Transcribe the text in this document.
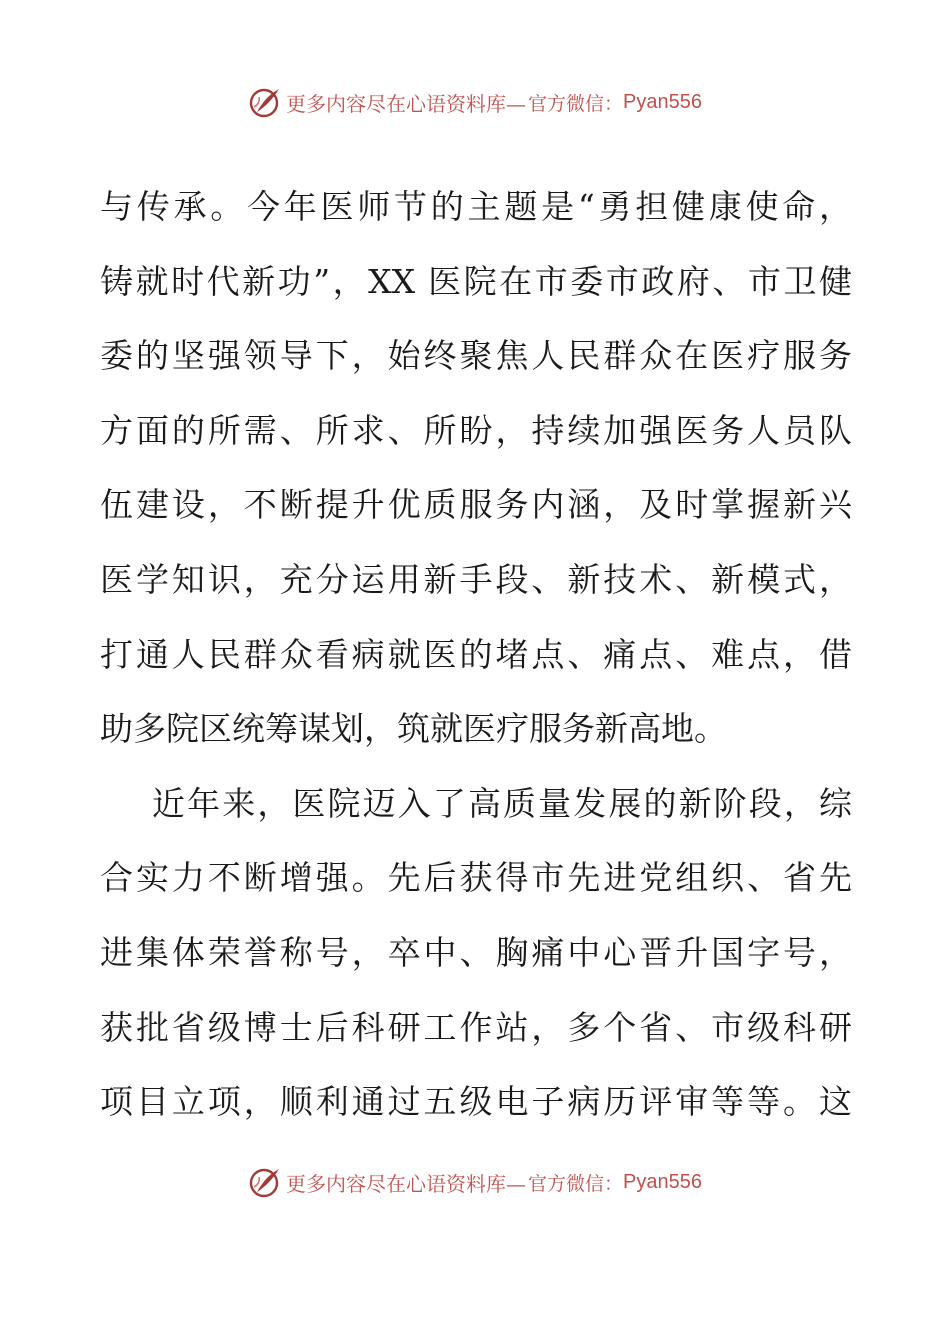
更多内容尽在心语资料库— 官方微信： Pyan556
与传承。今年医师节的主题是“勇担健康使命，
铸就时代新功”，XX 医院在市委市政府、市卫健
委的坚强领导下，始终聚焦人民群众在医疗服务
方面的所需、所求、所盼，持续加强医务人员队
伍建设，不断提升优质服务内涵，及时掌握新兴
医学知识，充分运用新手段、新技术、新模式，
打通人民群众看病就医的堵点、痛点、难点，借
助多院区统筹谋划，筑就医疗服务新高地。
近年来，医院迈入了高质量发展的新阶段，综
合实力不断增强。先后获得市先进党组织、省先
进集体荣誉称号，卒中、胸痛中心晋升国字号，
获批省级博士后科研工作站，多个省、市级科研
项目立项，顺利通过五级电子病历评审等等。这
更多内容尽在心语资料库— 官方微信： Pyan556
